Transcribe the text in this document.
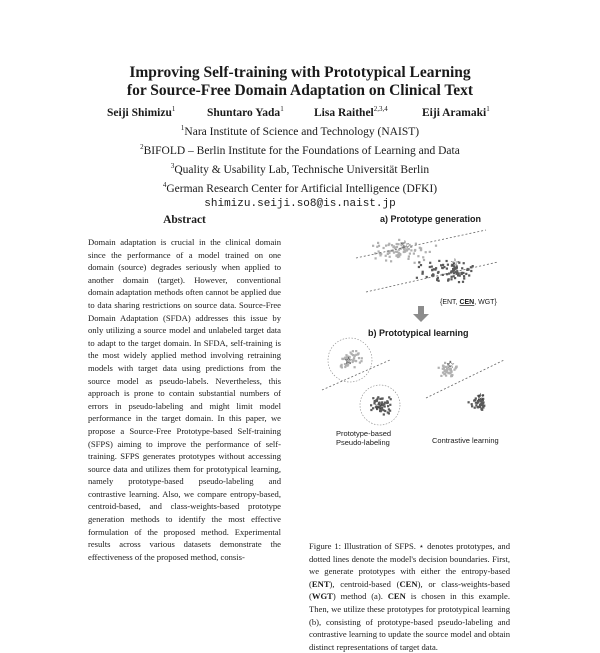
Improving Self-training with Prototypical Learning
for Source-Free Domain Adaptation on Clinical Text
Seiji Shimizu$^1$	Shuntaro Yada$^1$	Lisa Raithel$^{2,3,4}$	Eiji Aramaki$^1$
$^1$Nara Institute of Science and Technology (NAIST)
$^2$BIFOLD – Berlin Institute for the Foundations of Learning and Data
$^3$Quality & Usability Lab, Technische Universität Berlin
$^4$German Research Center for Artificial Intelligence (DFKI)
shimizu.seiji.so8@is.naist.jp
Abstract
Domain adaptation is crucial in the clinical domain since the performance of a model trained on one domain (source) degrades seriously when applied to another domain (target). However, conventional domain adaptation methods often cannot be applied due to data sharing restrictions on source data. Source-Free Domain Adaptation (SFDA) addresses this issue by only utilizing a source model and unlabeled target data to adapt to the target domain. In SFDA, self-training is the most widely applied method involving retraining models with target data using predictions from the source model as pseudo-labels. Nevertheless, this approach is prone to contain substantial numbers of errors in pseudo-labeling and might limit model performance in the target domain. In this paper, we propose a Source-Free Prototype-based Self-training (SFPS) aiming to improve the performance of self-training. SFPS generates prototypes without accessing source data and utilizes them for prototypical learning, namely prototype-based pseudo-labeling and contrastive learning. Also, we compare entropy-based, centroid-based, and class-weights-based prototype generation methods to identify the most effective formulation of the proposed method. Experimental results across various datasets demonstrate the effectiveness of the proposed method, consis-
a) Prototype generation
☆
☆
{ENT, CEN, WGT}
b) Prototypical learning
☆
☆
☆
☆
Prototype-based
Pseudo-labeling	Contrastive learning
Figure 1: Illustration of SFPS. ⋆ denotes prototypes, and dotted lines denote the model's decision boundaries. First, we generate prototypes with either the entropy-based (ENT), centroid-based (CEN), or class-weights-based (WGT) method (a). CEN is chosen in this example. Then, we utilize these prototypes for prototypical learning (b), consisting of prototype-based pseudo-labeling and contrastive learning to update the source model and obtain distinct representations of target data.
